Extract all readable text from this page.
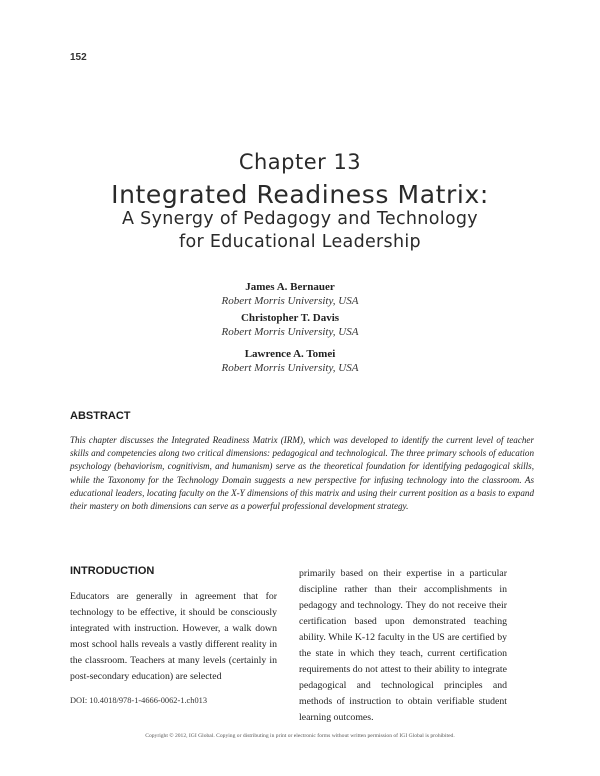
152
Chapter 13
Integrated Readiness Matrix:
A Synergy of Pedagogy and Technology
for Educational Leadership
James A. Bernauer
Robert Morris University, USA
Christopher T. Davis
Robert Morris University, USA
Lawrence A. Tomei
Robert Morris University, USA
ABSTRACT
This chapter discusses the Integrated Readiness Matrix (IRM), which was developed to identify the current level of teacher skills and competencies along two critical dimensions: pedagogical and technological. The three primary schools of education psychology (behaviorism, cognitivism, and humanism) serve as the theoretical foundation for identifying pedagogical skills, while the Taxonomy for the Technology Domain suggests a new perspective for infusing technology into the classroom. As educational leaders, locating faculty on the X-Y dimensions of this matrix and using their current position as a basis to expand their mastery on both dimensions can serve as a powerful professional development strategy.
INTRODUCTION
Educators are generally in agreement that for technology to be effective, it should be consciously integrated with instruction. However, a walk down most school halls reveals a vastly different reality in the classroom. Teachers at many levels (certainly in post-secondary education) are selected
primarily based on their expertise in a particular discipline rather than their accomplishments in pedagogy and technology. They do not receive their certification based upon demonstrated teaching ability. While K-12 faculty in the US are certified by the state in which they teach, current certification requirements do not attest to their ability to integrate pedagogical and technological principles and methods of instruction to obtain verifiable student learning outcomes.
DOI: 10.4018/978-1-4666-0062-1.ch013
Copyright © 2012, IGI Global. Copying or distributing in print or electronic forms without written permission of IGI Global is prohibited.
